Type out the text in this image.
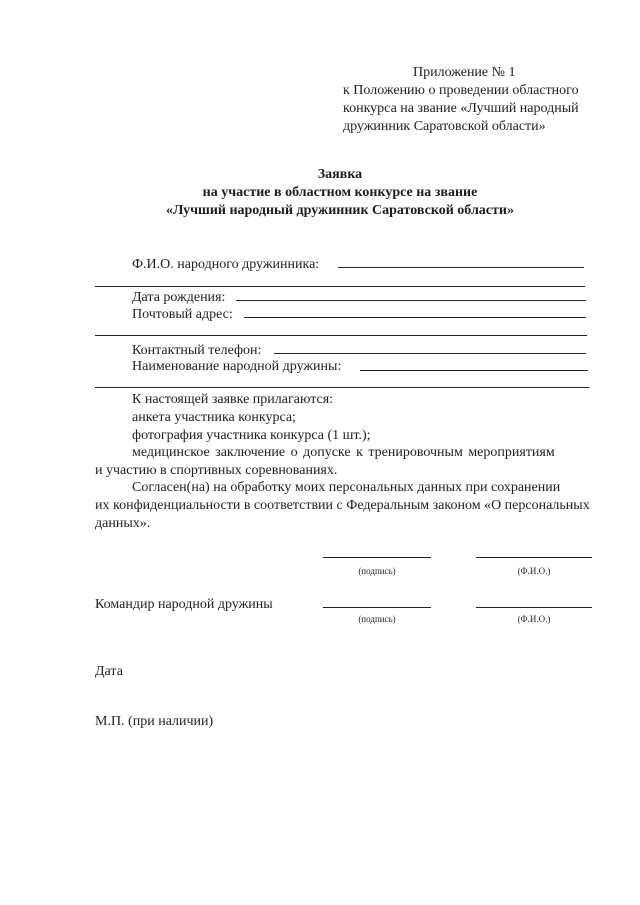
Приложение № 1
к Положению о проведении областного
конкурса на звание «Лучший народный
дружинник Саратовской области»
Заявка
на участие в областном конкурсе на звание
«Лучший народный дружинник Саратовской области»
Ф.И.О. народного дружинника:
Дата рождения:
Почтовый адрес:
Контактный телефон:
Наименование народной дружины:
К настоящей заявке прилагаются:
анкета участника конкурса;
фотография участника конкурса (1 шт.);
медицинское заключение о допуске к тренировочным мероприятиям
и участию в спортивных соревнованиях.
Согласен(на) на обработку моих персональных данных при сохранении
их конфиденциальности в соответствии с Федеральным законом «О персональных
данных».
(подпись)	(Ф.И.О.)
Командир народной дружины
(подпись)	(Ф.И.О.)
Дата
М.П. (при наличии)
